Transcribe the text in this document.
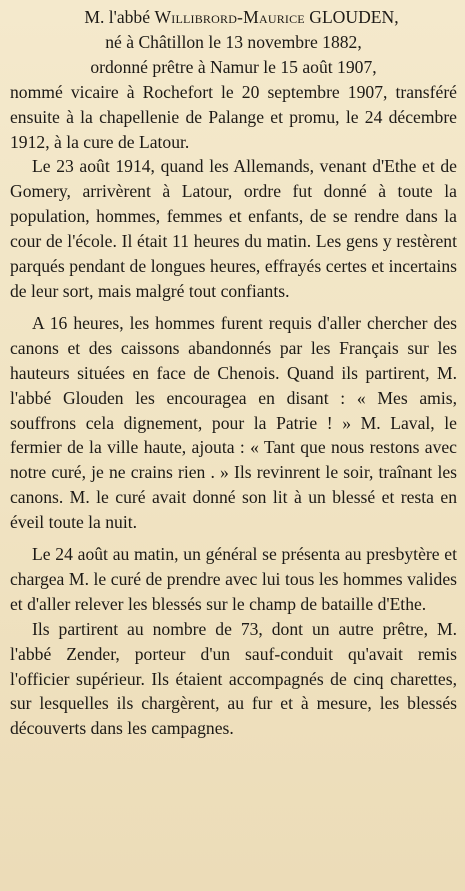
M. l'abbé Willibrord-Maurice GLOUDEN,

né à Châtillon le 13 novembre 1882,

ordonné prêtre à Namur le 15 août 1907,

nommé vicaire à Rochefort le 20 septembre 1907, transféré ensuite à la chapellenie de Palange et promu, le 24 décembre 1912, à la cure de Latour.

Le 23 août 1914, quand les Allemands, venant d'Ethe et de Gomery, arrivèrent à Latour, ordre fut donné à toute la population, hommes, femmes et enfants, de se rendre dans la cour de l'école. Il était 11 heures du matin. Les gens y restèrent parqués pendant de longues heures, effrayés certes et incertains de leur sort, mais malgré tout confiants.

A 16 heures, les hommes furent requis d'aller chercher des canons et des caissons abandonnés par les Français sur les hauteurs situées en face de Chenois. Quand ils partirent, M. l'abbé Glouden les encouragea en disant : « Mes amis, souffrons cela dignement, pour la Patrie ! » M. Laval, le fermier de la ville haute, ajouta : « Tant que nous restons avec notre curé, je ne crains rien . » Ils revinrent le soir, traînant les canons. M. le curé avait donné son lit à un blessé et resta en éveil toute la nuit.

Le 24 août au matin, un général se présenta au presbytère et chargea M. le curé de prendre avec lui tous les hommes valides et d'aller relever les blessés sur le champ de bataille d'Ethe.

Ils partirent au nombre de 73, dont un autre prêtre, M. l'abbé Zender, porteur d'un sauf-conduit qu'avait remis l'officier supérieur. Ils étaient accompagnés de cinq charettes, sur lesquelles ils chargèrent, au fur et à mesure, les blessés découverts dans les campagnes.
